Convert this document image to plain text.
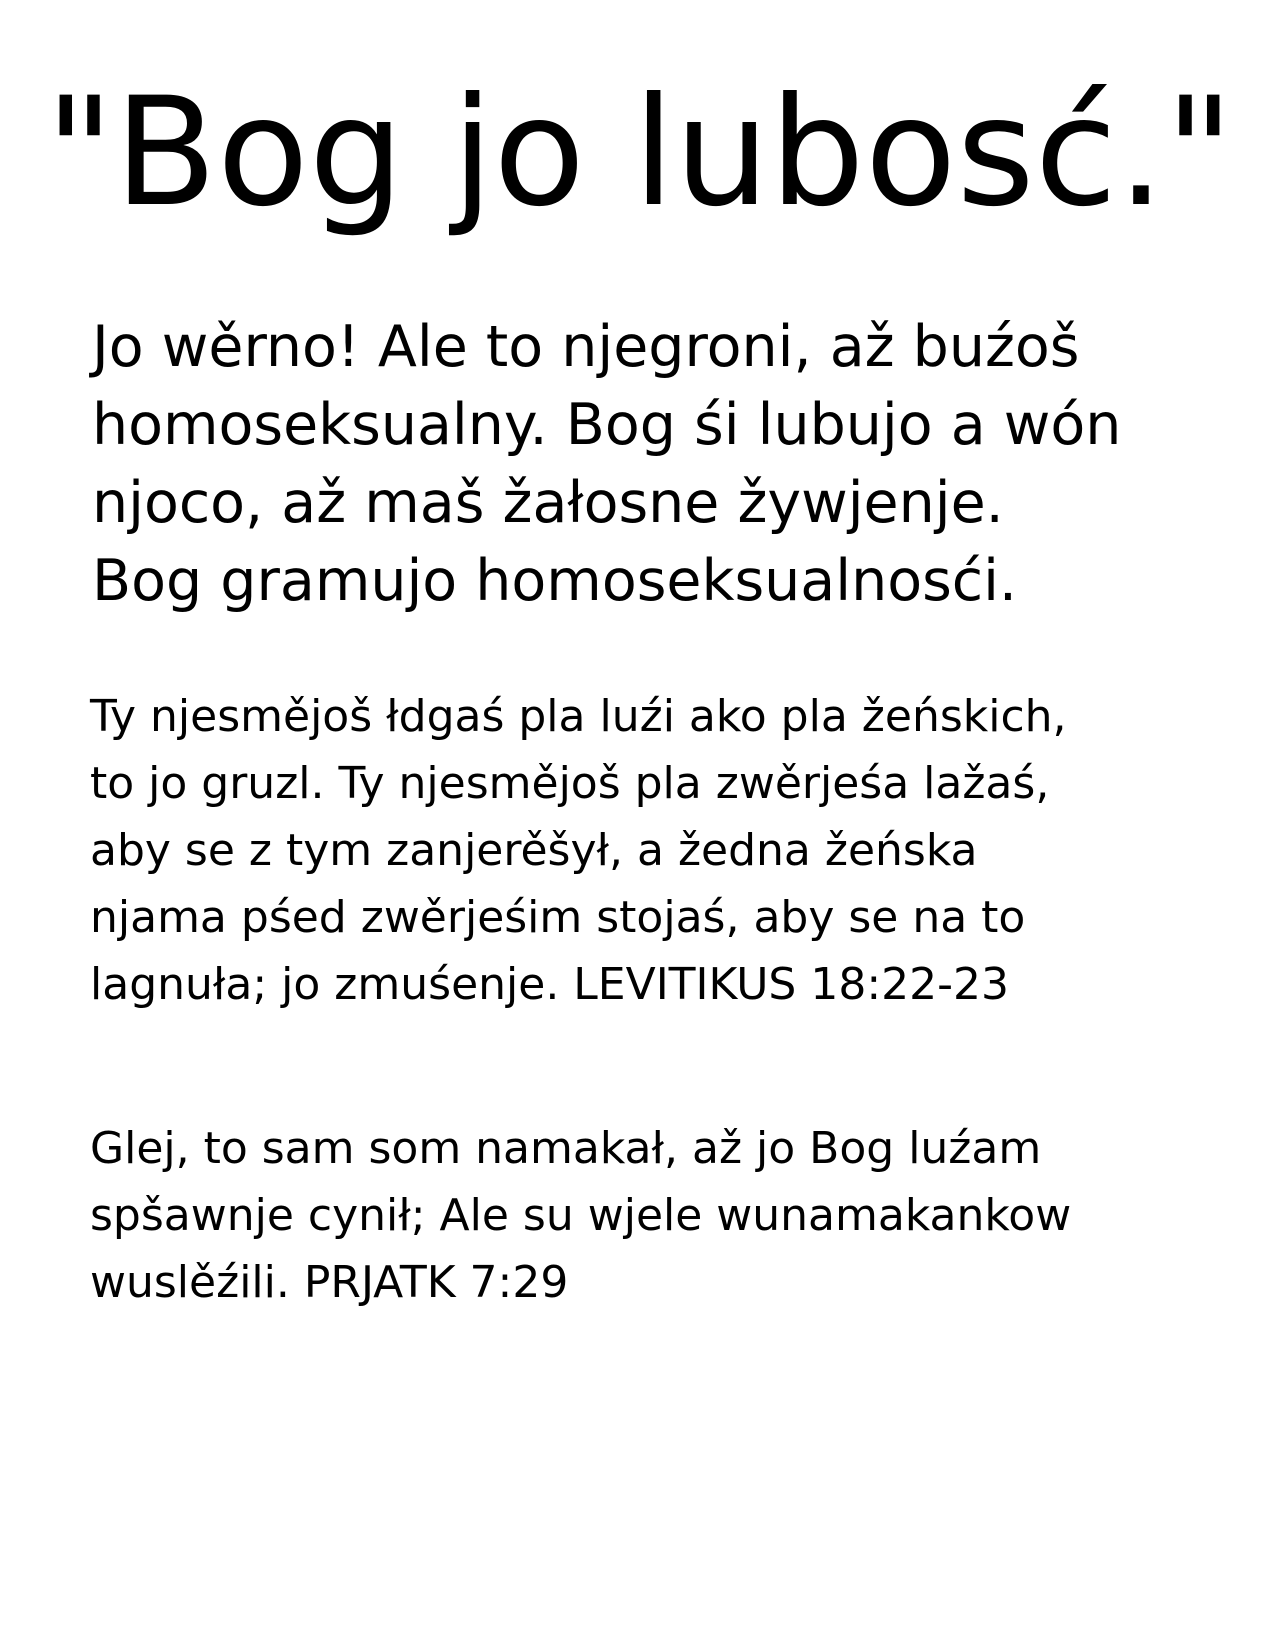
"Bog jo lubosć."

Jo wěrno! Ale to njegroni, až buźoš
homoseksualny. Bog śi lubujo a wón
njoco, až maš žałosne žywjenje.
Bog gramujo homoseksualnosći.

Ty njesmějoš łdgaś pla luźi ako pla žeńskich,
to jo gruzl. Ty njesmějoš pla zwěrjeśa lažaś,
aby se z tym zanjerěšył, a žedna žeńska
njama pśed zwěrjeśim stojaś, aby se na to
lagnuła; jo zmuśenje. LEVITIKUS 18:22-23

Glej, to sam som namakał, až jo Bog luźam
spšawnje cynił; Ale su wjele wunamakankow
wuslěźili. PRJATK 7:29
